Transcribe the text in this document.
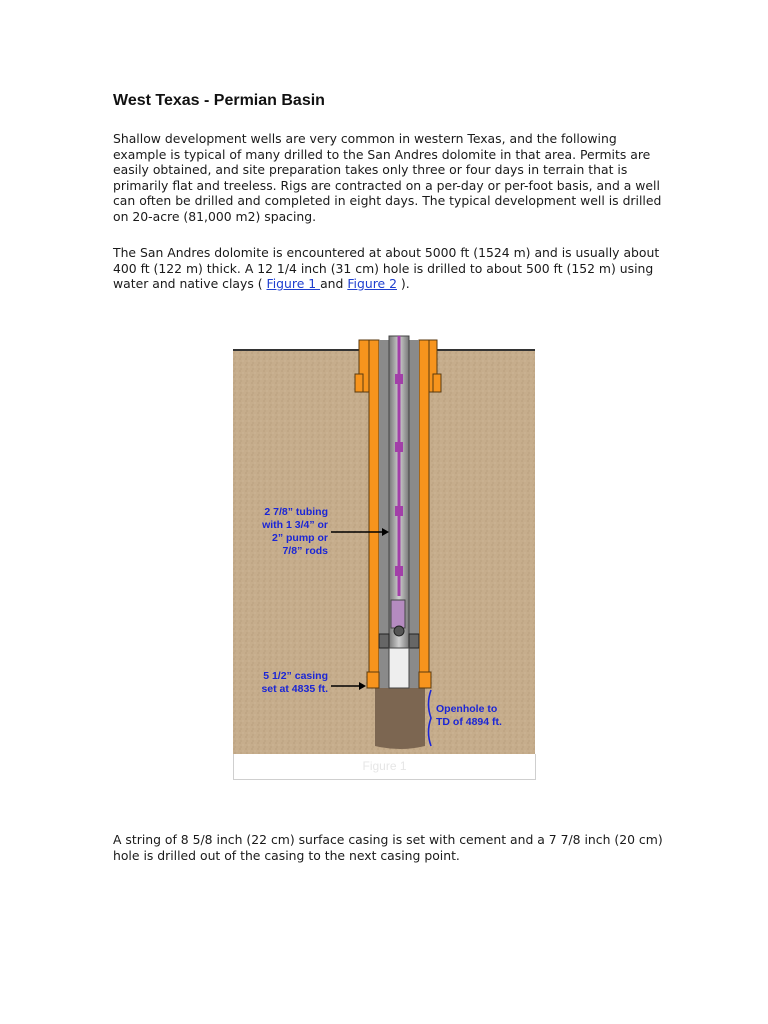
West Texas - Permian Basin
Shallow development wells are very common in western Texas, and the following example is typical of many drilled to the San Andres dolomite in that area. Permits are easily obtained, and site preparation takes only three or four days in terrain that is primarily flat and treeless. Rigs are contracted on a per-day or per-foot basis, and a well can often be drilled and completed in eight days. The typical development well is drilled on 20-acre (81,000 m2) spacing.
The San Andres dolomite is encountered at about 5000 ft (1524 m) and is usually about 400 ft (122 m) thick. A 12 1/4 inch (31 cm) hole is drilled to about 500 ft (152 m) using water and native clays ( Figure 1 and Figure 2 ).
2 7/8” tubing
with 1 3/4” or
2” pump or
7/8” rods
5 1/2” casing
set at 4835 ft.
Openhole to
TD of 4894 ft.
Figure 1
A string of 8 5/8 inch (22 cm) surface casing is set with cement and a 7 7/8 inch (20 cm) hole is drilled out of the casing to the next casing point.
